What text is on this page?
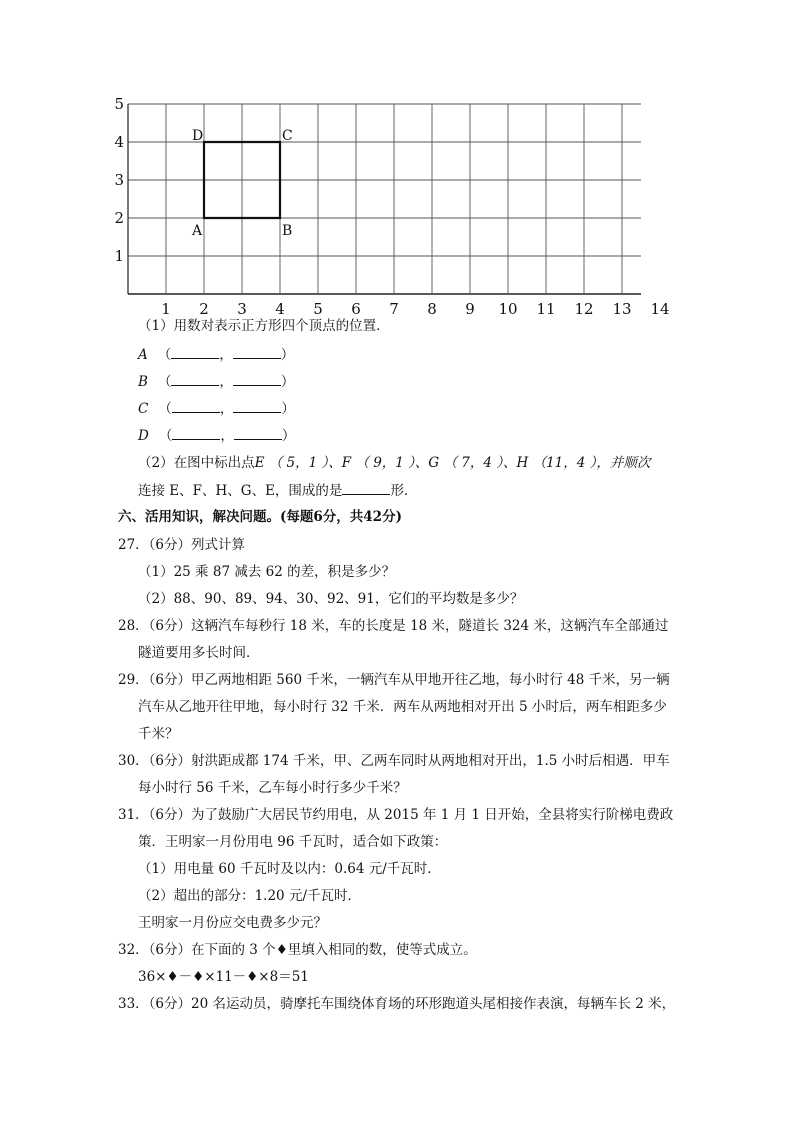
1 2 3 4 5 6 7 8 9 10 11 12 13 14
1
2
3
4
5
A	B
C
D
（1）用数对表示正方形四个顶点的位置．
A （	，	）
B （	，	）
C （	，	）
D （	，	）
（2）在图中标出点E （ 5，1 ）、F （ 9，1 ）、G （ 7，4 ）、H （11，4 ），并顺次
连接 E、F、H、G、E，围成的是	形．
六、活用知识，解决问题。(每题6分，共42分)
27．（6分）列式计算
（1）25 乘 87 减去 62 的差，积是多少？
（2）88、90、89、94、30、92、91，它们的平均数是多少？
28．（6分）这辆汽车每秒行 18 米，车的长度是 18 米，隧道长 324 米，这辆汽车全部通过
隧道要用多长时间．
29．（6分）甲乙两地相距 560 千米，一辆汽车从甲地开往乙地，每小时行 48 千米，另一辆
汽车从乙地开往甲地，每小时行 32 千米．两车从两地相对开出 5 小时后，两车相距多少
千米？
30．（6分）射洪距成都 174 千米，甲、乙两车同时从两地相对开出，1.5 小时后相遇．甲车
每小时行 56 千米，乙车每小时行多少千米？
31．（6分）为了鼓励广大居民节约用电，从 2015 年 1 月 1 日开始，全县将实行阶梯电费政
策．王明家一月份用电 96 千瓦时，适合如下政策：
（1）用电量 60 千瓦时及以内：0.64 元/千瓦时．
（2）超出的部分：1.20 元/千瓦时．
王明家一月份应交电费多少元？
32．（6分）在下面的 3 个♦里填入相同的数，使等式成立。
36×♦－♦×11－♦×8＝51
33．（6分）20 名运动员，骑摩托车围绕体育场的环形跑道头尾相接作表演，每辆车长 2 米，
